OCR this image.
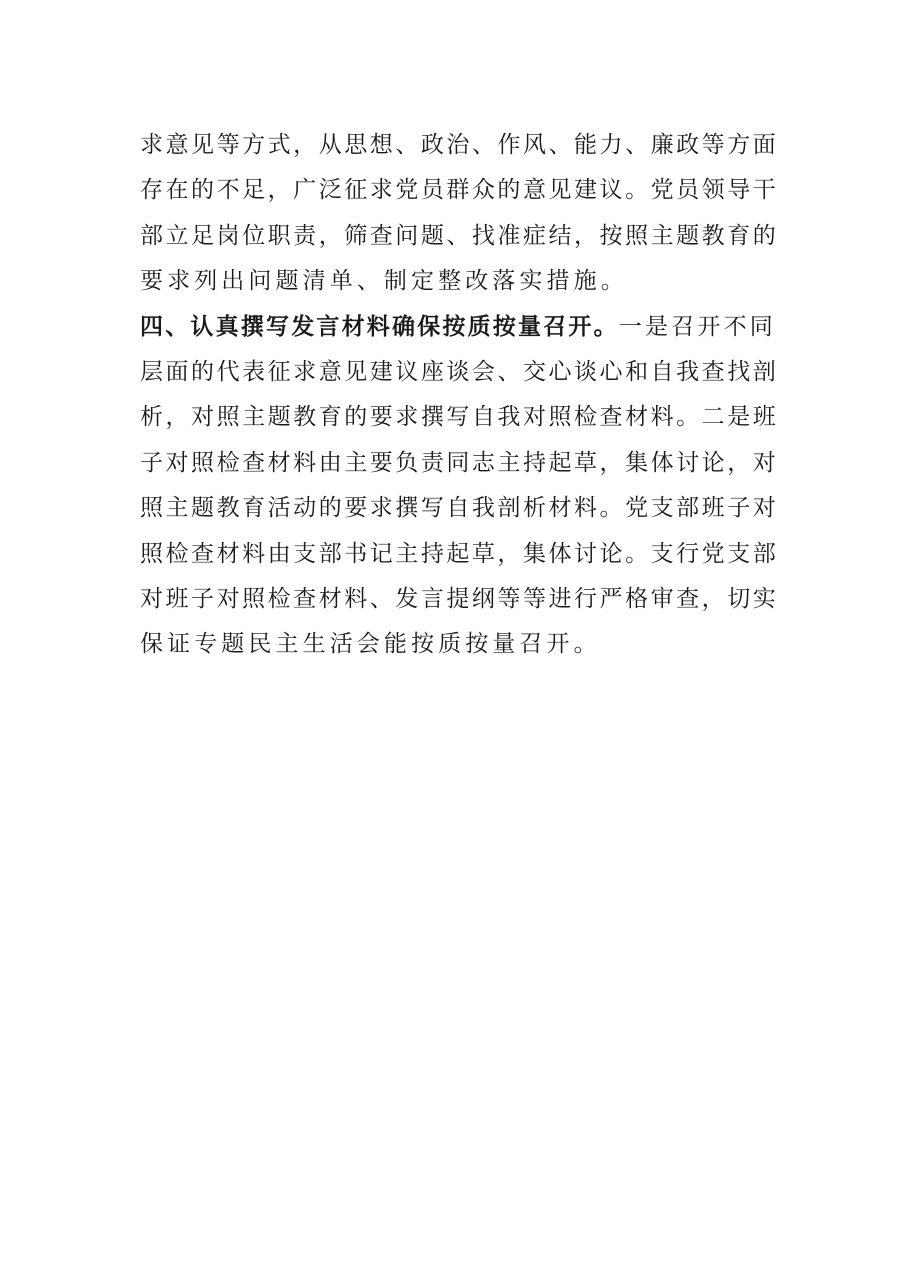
求意见等方式，从思想、政治、作风、能力、廉政等方面
存在的不足，广泛征求党员群众的意见建议。党员领导干
部立足岗位职责，筛查问题、找准症结，按照主题教育的
要求列出问题清单、制定整改落实措施。
四、认真撰写发言材料确保按质按量召开。一是召开不同
层面的代表征求意见建议座谈会、交心谈心和自我查找剖
析，对照主题教育的要求撰写自我对照检查材料。二是班
子对照检查材料由主要负责同志主持起草，集体讨论，对
照主题教育活动的要求撰写自我剖析材料。党支部班子对
照检查材料由支部书记主持起草，集体讨论。支行党支部
对班子对照检查材料、发言提纲等等进行严格审查，切实
保证专题民主生活会能按质按量召开。
